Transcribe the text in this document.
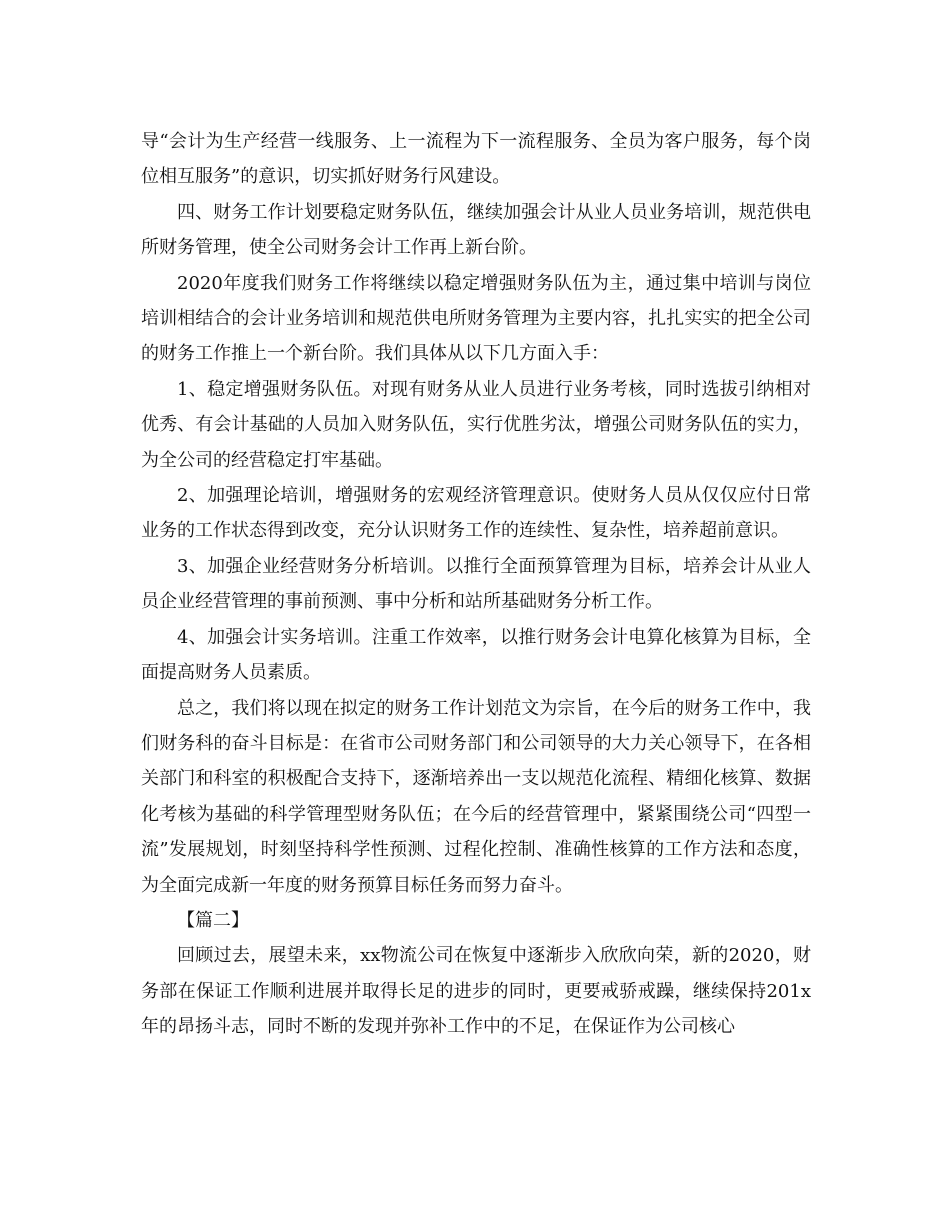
导“会计为生产经营一线服务、上一流程为下一流程服务、全员为客户服务，每个岗位相互服务”的意识，切实抓好财务行风建设。

四、财务工作计划要稳定财务队伍，继续加强会计从业人员业务培训，规范供电所财务管理，使全公司财务会计工作再上新台阶。

2020年度我们财务工作将继续以稳定增强财务队伍为主，通过集中培训与岗位培训相结合的会计业务培训和规范供电所财务管理为主要内容，扎扎实实的把全公司的财务工作推上一个新台阶。我们具体从以下几方面入手：

1、稳定增强财务队伍。对现有财务从业人员进行业务考核，同时选拔引纳相对优秀、有会计基础的人员加入财务队伍，实行优胜劣汰，增强公司财务队伍的实力，为全公司的经营稳定打牢基础。

2、加强理论培训，增强财务的宏观经济管理意识。使财务人员从仅仅应付日常业务的工作状态得到改变，充分认识财务工作的连续性、复杂性，培养超前意识。

3、加强企业经营财务分析培训。以推行全面预算管理为目标，培养会计从业人员企业经营管理的事前预测、事中分析和站所基础财务分析工作。

4、加强会计实务培训。注重工作效率，以推行财务会计电算化核算为目标，全面提高财务人员素质。

总之，我们将以现在拟定的财务工作计划范文为宗旨，在今后的财务工作中，我们财务科的奋斗目标是：在省市公司财务部门和公司领导的大力关心领导下，在各相关部门和科室的积极配合支持下，逐渐培养出一支以规范化流程、精细化核算、数据化考核为基础的科学管理型财务队伍；在今后的经营管理中，紧紧围绕公司“四型一流”发展规划，时刻坚持科学性预测、过程化控制、准确性核算的工作方法和态度，为全面完成新一年度的财务预算目标任务而努力奋斗。

【篇二】

回顾过去，展望未来，xx物流公司在恢复中逐渐步入欣欣向荣，新的2020，财务部在保证工作顺利进展并取得长足的进步的同时，更要戒骄戒躁，继续保持201x年的昂扬斗志，同时不断的发现并弥补工作中的不足，在保证作为公司核心
